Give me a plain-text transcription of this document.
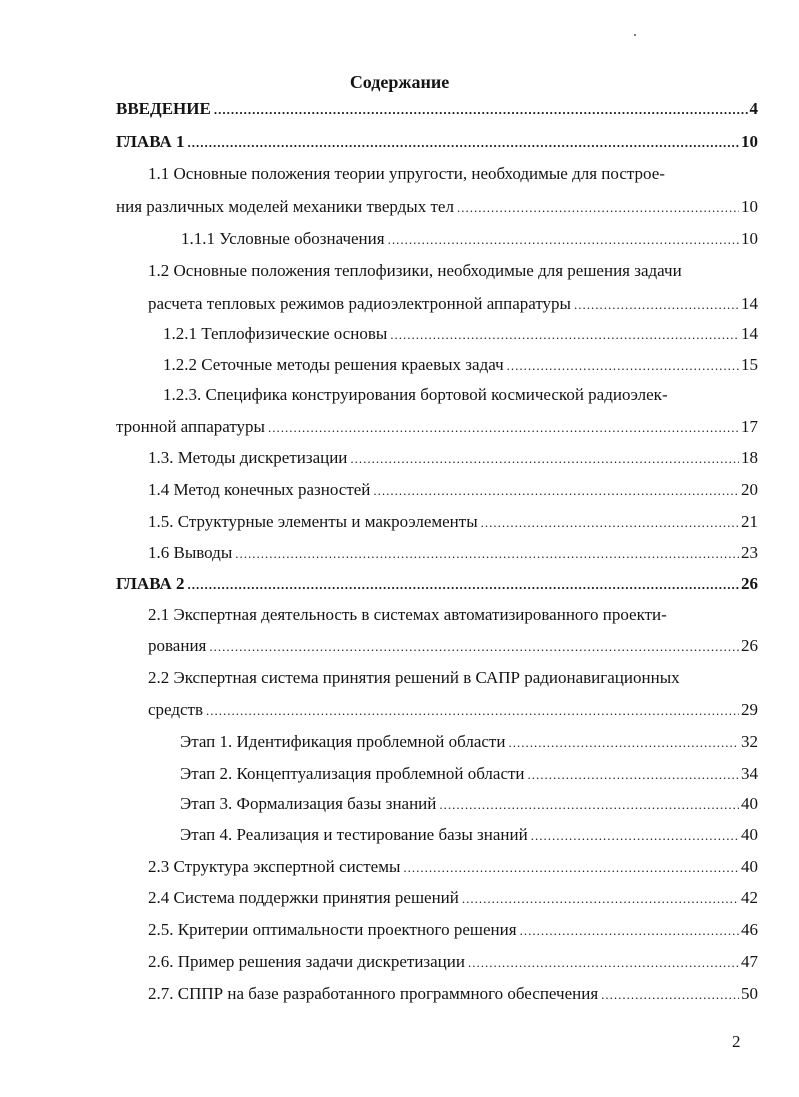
Содержание
ВВЕДЕНИЕ .....	4
ГЛАВА 1 .....	10
1.1 Основные положения теории упругости, необходимые для построе-
ния различных моделей механики твердых тел .....	10
1.1.1 Условные обозначения .....	10
1.2 Основные положения теплофизики, необходимые для решения задачи
расчета тепловых режимов радиоэлектронной аппаратуры .....	14
1.2.1 Теплофизические основы .....	14
1.2.2 Сеточные методы решения краевых задач .....	15
1.2.3. Специфика конструирования бортовой космической радиоэлек-
тронной аппаратуры .....	17
1.3. Методы дискретизации .....	18
1.4 Метод конечных разностей .....	20
1.5. Структурные элементы и макроэлементы .....	21
1.6 Выводы .....	23
ГЛАВА 2 .....	26
2.1 Экспертная деятельность в системах автоматизированного проекти-
рования .....	26
2.2 Экспертная система принятия решений в САПР радионавигационных
средств .....	29
Этап 1. Идентификация проблемной области .....	32
Этап 2. Концептуализация проблемной области .....	34
Этап 3. Формализация базы знаний .....	40
Этап 4. Реализация и тестирование базы знаний .....	40
2.3 Структура экспертной системы .....	40
2.4 Система поддержки принятия решений .....	42
2.5. Критерии оптимальности проектного решения .....	46
2.6. Пример решения задачи дискретизации .....	47
2.7. СППР на базе разработанного программного обеспечения .....	50
2
